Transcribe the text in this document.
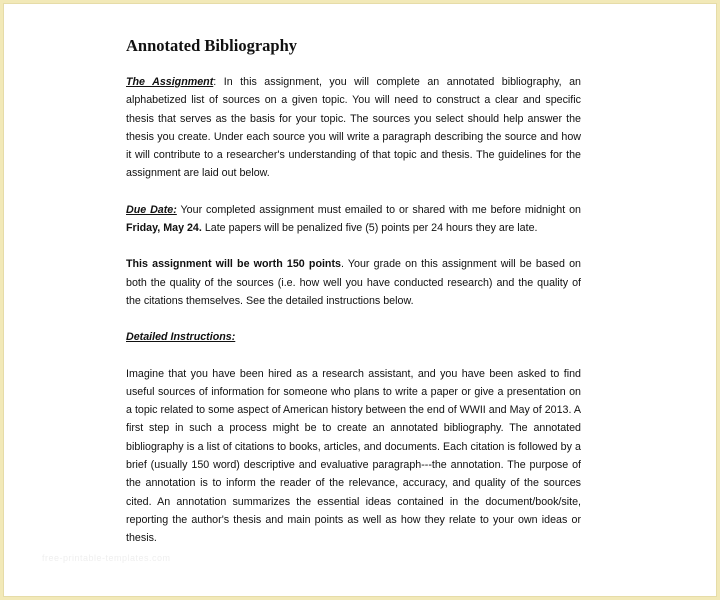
Annotated Bibliography

The Assignment: In this assignment, you will complete an annotated bibliography, an alphabetized list of sources on a given topic. You will need to construct a clear and specific thesis that serves as the basis for your topic. The sources you select should help answer the thesis you create. Under each source you will write a paragraph describing the source and how it will contribute to a researcher's understanding of that topic and thesis. The guidelines for the assignment are laid out below.

Due Date: Your completed assignment must emailed to or shared with me before midnight on Friday, May 24. Late papers will be penalized five (5) points per 24 hours they are late.

This assignment will be worth 150 points. Your grade on this assignment will be based on both the quality of the sources (i.e. how well you have conducted research) and the quality of the citations themselves. See the detailed instructions below.

Detailed Instructions:

Imagine that you have been hired as a research assistant, and you have been asked to find useful sources of information for someone who plans to write a paper or give a presentation on a topic related to some aspect of American history between the end of WWII and May of 2013. A first step in such a process might be to create an annotated bibliography. The annotated bibliography is a list of citations to books, articles, and documents. Each citation is followed by a brief (usually 150 word) descriptive and evaluative paragraph---the annotation. The purpose of the annotation is to inform the reader of the relevance, accuracy, and quality of the sources cited. An annotation summarizes the essential ideas contained in the document/book/site, reporting the author's thesis and main points as well as how they relate to your own ideas or thesis.

free-printable-templates.com
